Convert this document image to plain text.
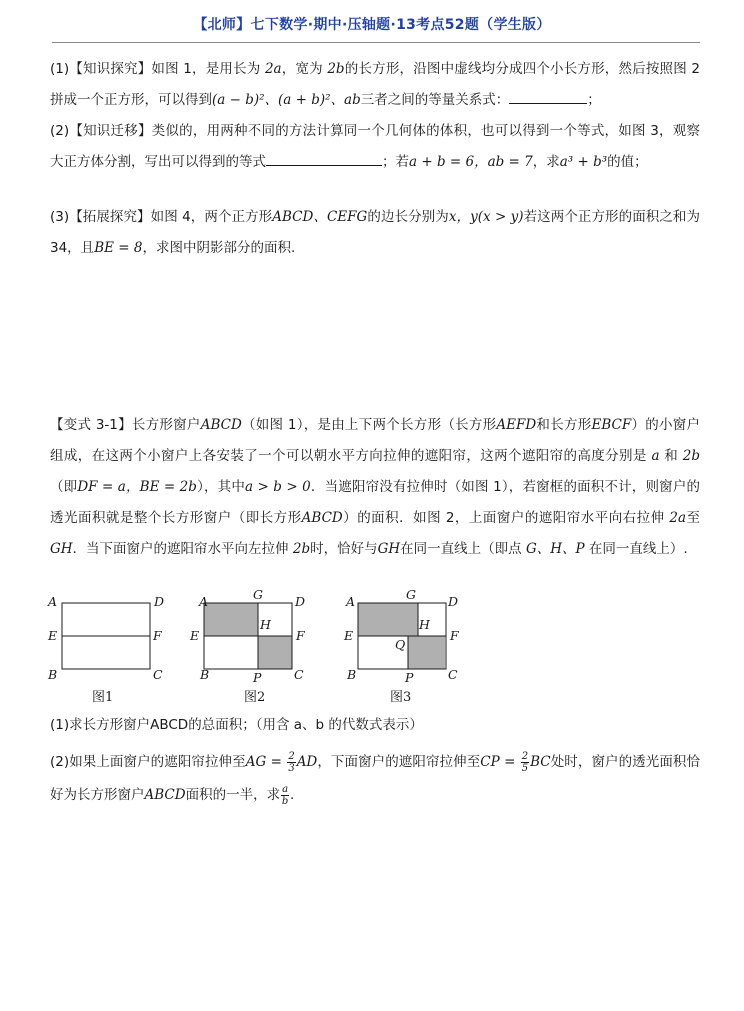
【北师】七下数学·期中·压轴题·13考点52题（学生版）
(1)【知识探究】如图 1，是用长为 2a，宽为 2b的长方形，沿图中虚线均分成四个小长方形，然后按照图 2 拼成一个正方形，可以得到(a − b)²、(a + b)²、ab三者之间的等量关系式：	；
(2)【知识迁移】类似的，用两种不同的方法计算同一个几何体的体积，也可以得到一个等式，如图 3，观察大正方体分割，写出可以得到的等式	；若a + b = 6，ab = 7，求a³ + b³的值；
(3)【拓展探究】如图 4，两个正方形ABCD、CEFG的边长分别为x，y(x > y)若这两个正方形的面积之和为 34，且BE = 8，求图中阴影部分的面积.
【变式 3-1】长方形窗户ABCD（如图 1），是由上下两个长方形（长方形AEFD和长方形EBCF）的小窗户组成，在这两个小窗户上各安装了一个可以朝水平方向拉伸的遮阳帘，这两个遮阳帘的高度分别是 a 和 2b（即DF = a，BE = 2b），其中a > b > 0．当遮阳帘没有拉伸时（如图 1），若窗框的面积不计，则窗户的透光面积就是整个长方形窗户（即长方形ABCD）的面积．如图 2，上面窗户的遮阳帘水平向右拉伸 2a至GH．当下面窗户的遮阳帘水平向左拉伸 2b时，恰好与GH在同一直线上（即点 G、H、P 在同一直线上）.
A	D
E	F
B	C
A	G	D
H
E	F
B	P	C
A	G	D
H
Q
E	F
B	P	C
图1	图2	图3
(1)求长方形窗户ABCD的总面积；（用含 a、b 的代数式表示）
(2)如果上面窗户的遮阳帘拉伸至AG = $\frac{2}{3}$ AD，下面窗户的遮阳帘拉伸至CP = $\frac{2}{5}$ BC处时，窗户的透光面积恰好为长方形窗户ABCD面积的一半，求 $\frac{a}{b}$ .
